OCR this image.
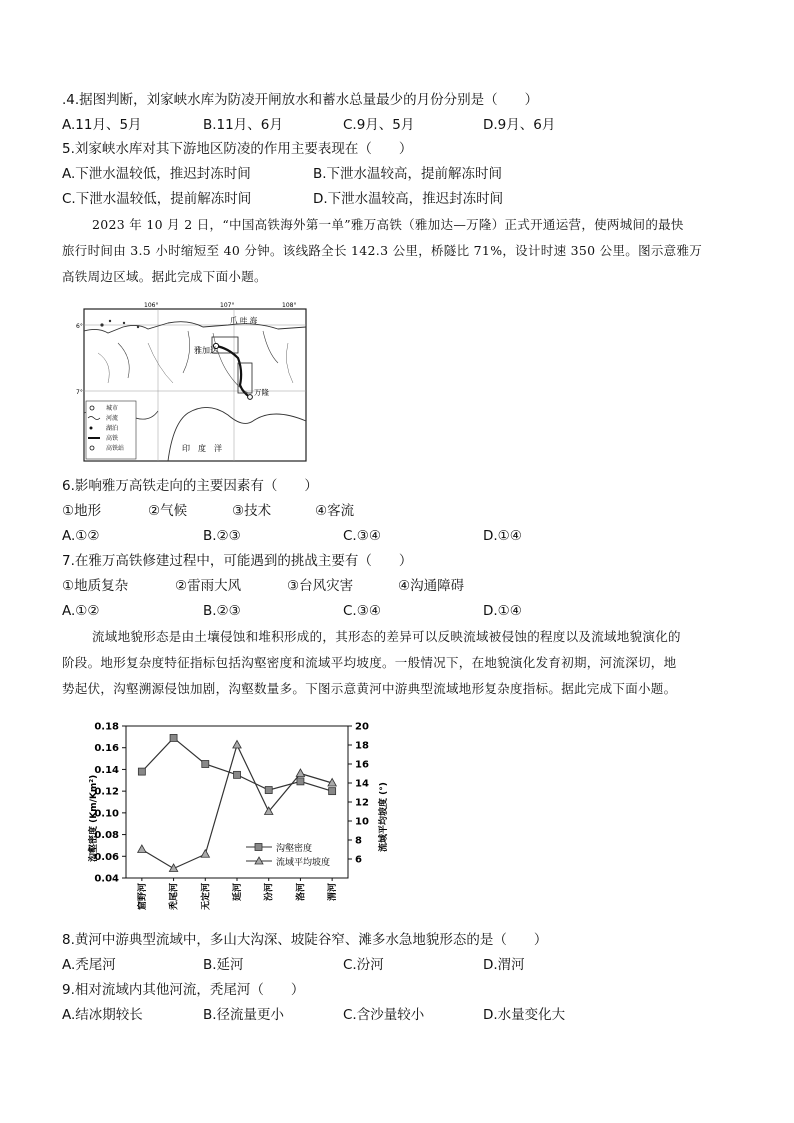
.4.据图判断，刘家峡水库为防凌开闸放水和蓄水总量最少的月份分别是（　　）
A.11月、5月	B.11月、6月	C.9月、5月	D.9月、6月
5.刘家峡水库对其下游地区防凌的作用主要表现在（　　）
A.下泄水温较低，推迟封冻时间	B.下泄水温较高，提前解冻时间
C.下泄水温较低，提前解冻时间	D.下泄水温较高，推迟封冻时间
2023 年 10 月 2 日，“中国高铁海外第一单”雅万高铁（雅加达—万隆）正式开通运营，使两城间的最快
旅行时间由 3.5 小时缩短至 40 分钟。该线路全长 142.3 公里，桥隧比 71%，设计时速 350 公里。图示意雅万
高铁周边区域。据此完成下面小题。
106°	107°	108°
6°
7°
雅加达
万隆
爪 哇 海
印　度　洋
城市
河流
湖泊
高铁
高铁站
6.影响雅万高铁走向的主要因素有（　　）
①地形	②气候	③技术	④客流
A.①②	B.②③	C.③④	D.①④
7.在雅万高铁修建过程中，可能遇到的挑战主要有（　　）
①地质复杂	②雷雨大风	③台风灾害	④沟通障碍
A.①②	B.②③	C.③④	D.①④
流域地貌形态是由土壤侵蚀和堆积形成的，其形态的差异可以反映流域被侵蚀的程度以及流域地貌演化的
阶段。地形复杂度特征指标包括沟壑密度和流域平均坡度。一般情况下，在地貌演化发育初期，河流深切，地
势起伏，沟壑溯源侵蚀加剧，沟壑数量多。下图示意黄河中游典型流域地形复杂度指标。据此完成下面小题。
0.18
0.16
0.14
0.12
0.10
0.08
0.06
0.04
20
18
16
14
12
10
8
6
窟野河 秃尾河 无定河 延河 汾河 洛河 渭河
沟壑密度 (Km/Km²)	流域平均坡度 (°)
沟壑密度
流域平均坡度
8.黄河中游典型流域中，多山大沟深、坡陡谷窄、滩多水急地貌形态的是（　　）
A.秃尾河	B.延河	C.汾河	D.渭河
9.相对流域内其他河流，秃尾河（　　）
A.结冰期较长	B.径流量更小	C.含沙量较小	D.水量变化大
